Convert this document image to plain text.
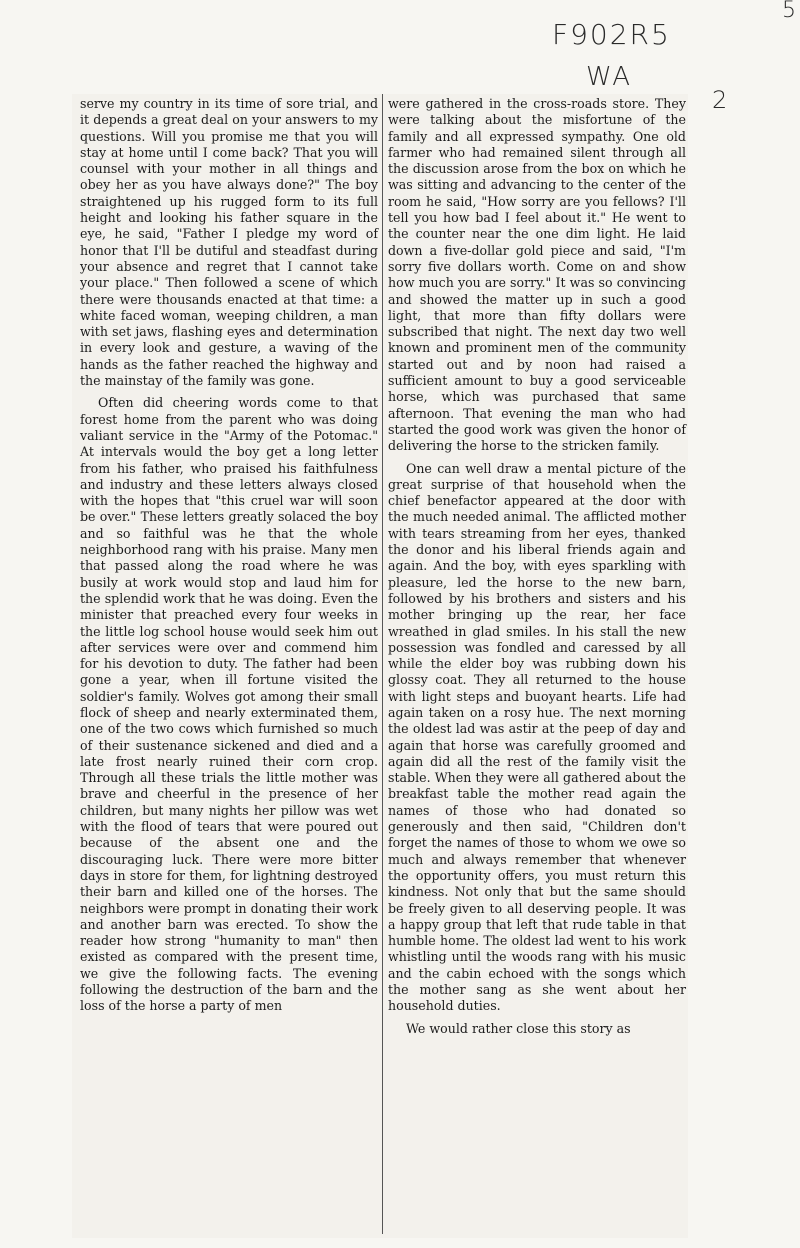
5
F902R5
WA
2

serve my country in its time of sore trial, and it depends a great deal on your answers to my questions. Will you promise me that you will stay at home until I come back? That you will counsel with your mother in all things and obey her as you have always done?" The boy straightened up his rugged form to its full height and looking his father square in the eye, he said, "Father I pledge my word of honor that I'll be dutiful and steadfast during your absence and regret that I cannot take your place." Then followed a scene of which there were thousands enacted at that time: a white faced woman, weeping children, a man with set jaws, flashing eyes and determination in every look and gesture, a waving of the hands as the father reached the highway and the mainstay of the family was gone.

Often did cheering words come to that forest home from the parent who was doing valiant service in the "Army of the Potomac." At intervals would the boy get a long letter from his father, who praised his faithfulness and industry and these letters always closed with the hopes that "this cruel war will soon be over." These letters greatly solaced the boy and so faithful was he that the whole neighborhood rang with his praise. Many men that passed along the road where he was busily at work would stop and laud him for the splendid work that he was doing. Even the minister that preached every four weeks in the little log school house would seek him out after services were over and commend him for his devotion to duty. The father had been gone a year, when ill fortune visited the soldier's family. Wolves got among their small flock of sheep and nearly exterminated them, one of the two cows which furnished so much of their sustenance sickened and died and a late frost nearly ruined their corn crop. Through all these trials the little mother was brave and cheerful in the presence of her children, but many nights her pillow was wet with the flood of tears that were poured out because of the absent one and the discouraging luck. There were more bitter days in store for them, for lightning destroyed their barn and killed one of the horses. The neighbors were prompt in donating their work and another barn was erected. To show the reader how strong "humanity to man" then existed as compared with the present time, we give the following facts. The evening following the destruction of the barn and the loss of the horse a party of men

were gathered in the cross-roads store. They were talking about the misfortune of the family and all expressed sympathy. One old farmer who had remained silent through all the discussion arose from the box on which he was sitting and advancing to the center of the room he said, "How sorry are you fellows? I'll tell you how bad I feel about it." He went to the counter near the one dim light. He laid down a five-dollar gold piece and said, "I'm sorry five dollars worth. Come on and show how much you are sorry." It was so convincing and showed the matter up in such a good light, that more than fifty dollars were subscribed that night. The next day two well known and prominent men of the community started out and by noon had raised a sufficient amount to buy a good serviceable horse, which was purchased that same afternoon. That evening the man who had started the good work was given the honor of delivering the horse to the stricken family.

One can well draw a mental picture of the great surprise of that household when the chief benefactor appeared at the door with the much needed animal. The afflicted mother with tears streaming from her eyes, thanked the donor and his liberal friends again and again. And the boy, with eyes sparkling with pleasure, led the horse to the new barn, followed by his brothers and sisters and his mother bringing up the rear, her face wreathed in glad smiles. In his stall the new possession was fondled and caressed by all while the elder boy was rubbing down his glossy coat. They all returned to the house with light steps and buoyant hearts. Life had again taken on a rosy hue. The next morning the oldest lad was astir at the peep of day and again that horse was carefully groomed and again did all the rest of the family visit the stable. When they were all gathered about the breakfast table the mother read again the names of those who had donated so generously and then said, "Children don't forget the names of those to whom we owe so much and always remember that whenever the opportunity offers, you must return this kindness. Not only that but the same should be freely given to all deserving people. It was a happy group that left that rude table in that humble home. The oldest lad went to his work whistling until the woods rang with his music and the cabin echoed with the songs which the mother sang as she went about her household duties.

We would rather close this story as
